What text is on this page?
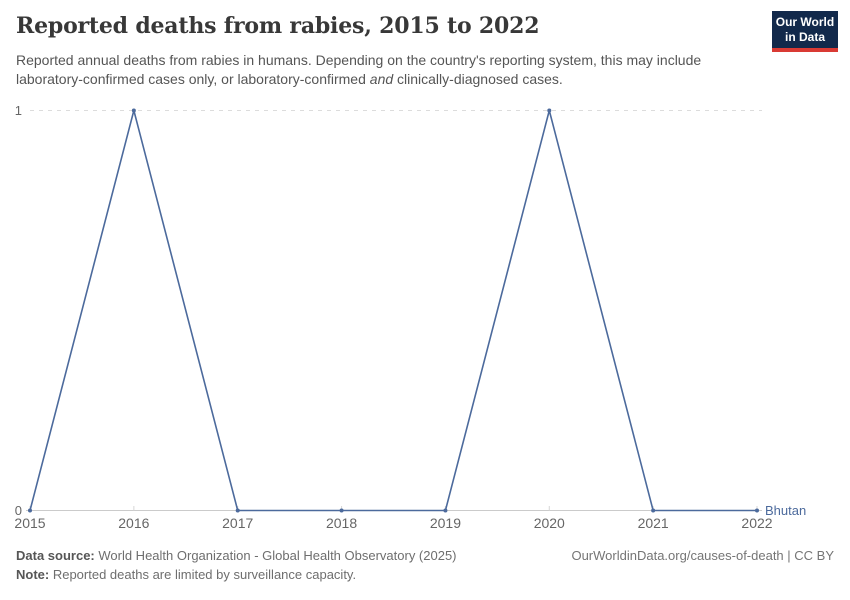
Reported deaths from rabies, 2015 to 2022

Reported annual deaths from rabies in humans. Depending on the country's reporting system, this may include laboratory-confirmed cases only, or laboratory-confirmed and clinically-diagnosed cases.

Our World
in Data
0
1
2015	2016	2017	2018	2019	2020	2021	2022
Bhutan
Data source: World Health Organization - Global Health Observatory (2025)
Note: Reported deaths are limited by surveillance capacity.
OurWorldinData.org/causes-of-death | CC BY
